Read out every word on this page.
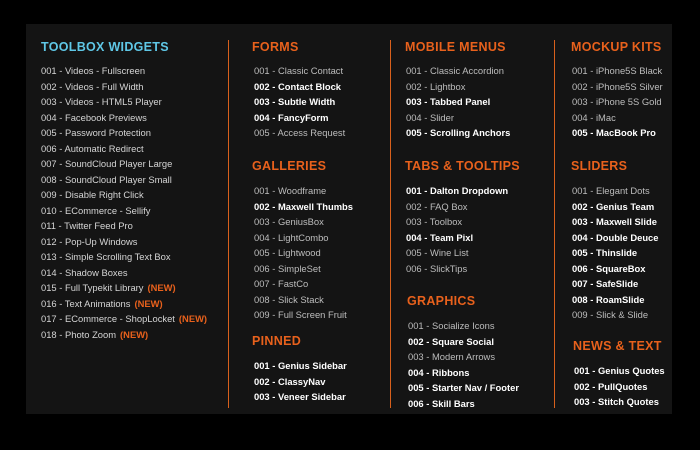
TOOLBOX WIDGETS
001 - Videos - Fullscreen
002 - Videos - Full Width
003 - Videos - HTML5 Player
004 - Facebook Previews
005 - Password Protection
006 - Automatic Redirect
007 - SoundCloud Player Large
008 - SoundCloud Player Small
009 - Disable Right Click
010 - ECommerce - Sellify
011 - Twitter Feed Pro
012 - Pop-Up Windows
013 - Simple Scrolling Text Box
014 - Shadow Boxes
015 - Full Typekit Library (NEW)
016 - Text Animations (NEW)
017 - ECommerce - ShopLocket (NEW)
018 - Photo Zoom (NEW)
FORMS
001 - Classic Contact
002 - Contact Block
003 - Subtle Width
004 - FancyForm
005 - Access Request
GALLERIES
001 - Woodframe
002 - Maxwell Thumbs
003 - GeniusBox
004 - LightCombo
005 - Lightwood
006 - SimpleSet
007 - FastCo
008 - Slick Stack
009 - Full Screen Fruit
PINNED
001 - Genius Sidebar
002 - ClassyNav
003 - Veneer Sidebar
MOBILE MENUS
001 - Classic Accordion
002 - Lightbox
003 - Tabbed Panel
004 - Slider
005 - Scrolling Anchors
TABS & TOOLTIPS
001 - Dalton Dropdown
002 - FAQ Box
003 - Toolbox
004 - Team Pixl
005 - Wine List
006 - SlickTips
GRAPHICS
001 - Socialize Icons
002 - Square Social
003 - Modern Arrows
004 - Ribbons
005 - Starter Nav / Footer
006 - Skill Bars
MOCKUP KITS
001 - iPhone5S Black
002 - iPhone5S Silver
003 - iPhone 5S Gold
004 - iMac
005 - MacBook Pro
SLIDERS
001 - Elegant Dots
002 - Genius Team
003 - Maxwell Slide
004 - Double Deuce
005 - Thinslide
006 - SquareBox
007 - SafeSlide
008 - RoamSlide
009 - Slick & Slide
NEWS & TEXT
001 - Genius Quotes
002 - PullQuotes
003 - Stitch Quotes
